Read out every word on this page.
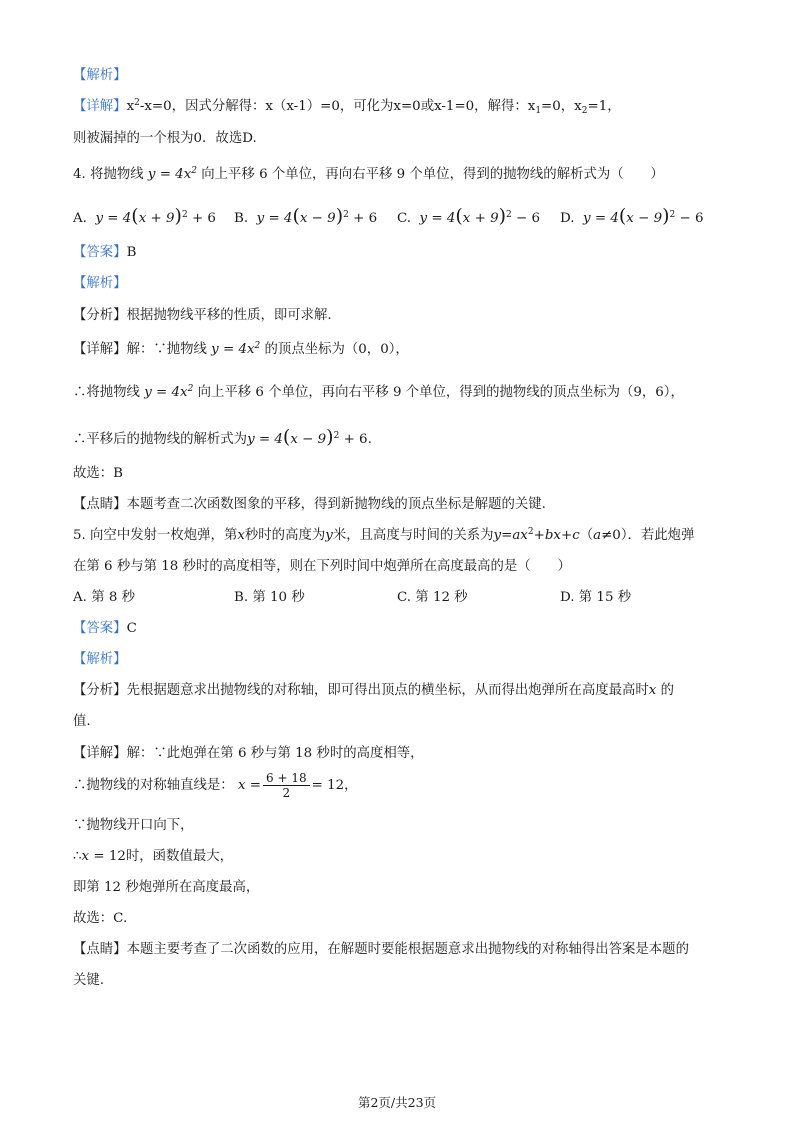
【解析】
【详解】$x^2-x=0$，因式分解得：x（x-1）=0，可化为x=0或x-1=0，解得：$x_1=0$，$x_2=1$，
则被漏掉的一个根为0．故选D.
4. 将抛物线 $y = 4x^2$ 向上平移 6 个单位，再向右平移 9 个单位，得到的抛物线的解析式为（　　）
A. $y = 4(x + 9)^2 + 6$ B. $y = 4(x - 9)^2 + 6$ C. $y = 4(x + 9)^2 - 6$ D. $y = 4(x - 9)^2 - 6$
【答案】B
【解析】
【分析】根据抛物线平移的性质，即可求解.
【详解】解：∵抛物线 $y = 4x^2$ 的顶点坐标为（0，0），
∴将抛物线 $y = 4x^2$ 向上平移 6 个单位，再向右平移 9 个单位，得到的抛物线的顶点坐标为（9，6），
∴平移后的抛物线的解析式为$y = 4(x - 9)^2 + 6$.
故选：B
【点睛】本题考查二次函数图象的平移，得到新抛物线的顶点坐标是解题的关键.
5. 向空中发射一枚炮弹，第x秒时的高度为y米，且高度与时间的关系为$y=ax^2+bx+c(a\ne 0)$．若此炮弹
在第 6 秒与第 18 秒时的高度相等，则在下列时间中炮弹所在高度最高的是（　　）
A. 第 8 秒	B. 第 10 秒	C. 第 12 秒	D. 第 15 秒
【答案】C
【解析】
【分析】先根据题意求出抛物线的对称轴，即可得出顶点的横坐标，从而得出炮弹所在高度最高时x 的
值.
【详解】解：∵此炮弹在第 6 秒与第 18 秒时的高度相等，
∴抛物线的对称轴直线是： $x = \frac{6 + 18}{2} = 12$，
∵抛物线开口向下，
∴x = 12时，函数值最大，
即第 12 秒炮弹所在高度最高，
故选：C.
【点睛】本题主要考查了二次函数的应用，在解题时要能根据题意求出抛物线的对称轴得出答案是本题的
关键.
第2页/共23页
